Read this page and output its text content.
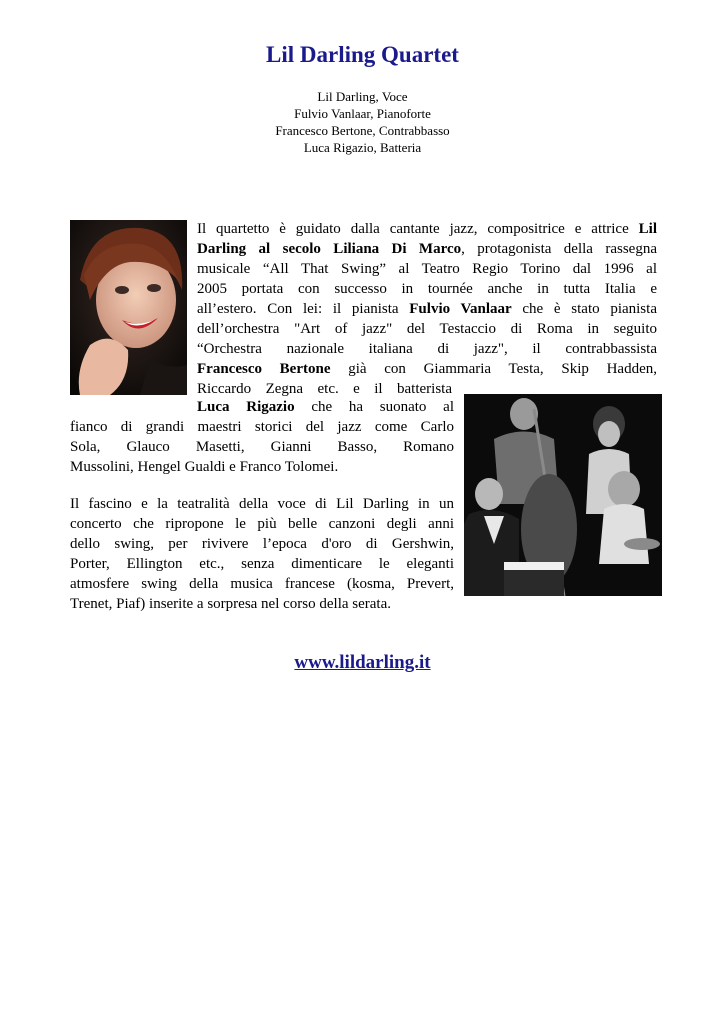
Lil Darling Quartet
Lil Darling, Voce
Fulvio Vanlaar, Pianoforte
Francesco Bertone, Contrabbasso
Luca Rigazio, Batteria
Il quartetto è guidato dalla cantante jazz, compositrice e attrice Lil
Darling al secolo Liliana Di Marco, protagonista della rassegna
musicale “All That Swing” al Teatro Regio Torino dal 1996 al
2005 portata con successo in tournée anche in tutta Italia e
all’estero. Con lei: il pianista Fulvio Vanlaar che è stato pianista
dell’orchestra "Art of jazz" del Testaccio di Roma in seguito
“Orchestra nazionale italiana di jazz", il contrabbassista
Francesco Bertone già con Giammaria Testa, Skip Hadden,
Riccardo Zegna etc. e il batterista
Luca Rigazio che ha suonato al
fianco di grandi maestri storici del jazz come Carlo
Sola, Glauco Masetti, Gianni Basso, Romano
Mussolini, Hengel Gualdi e Franco Tolomei.
Il fascino e la teatralità della voce di Lil Darling in un
concerto che ripropone le più belle canzoni degli anni
dello swing, per rivivere l’epoca d'oro di Gershwin,
Porter, Ellington etc., senza dimenticare le eleganti
atmosfere swing della musica francese (kosma, Prevert,
Trenet, Piaf) inserite a sorpresa nel corso della serata.
www.lildarling.it
